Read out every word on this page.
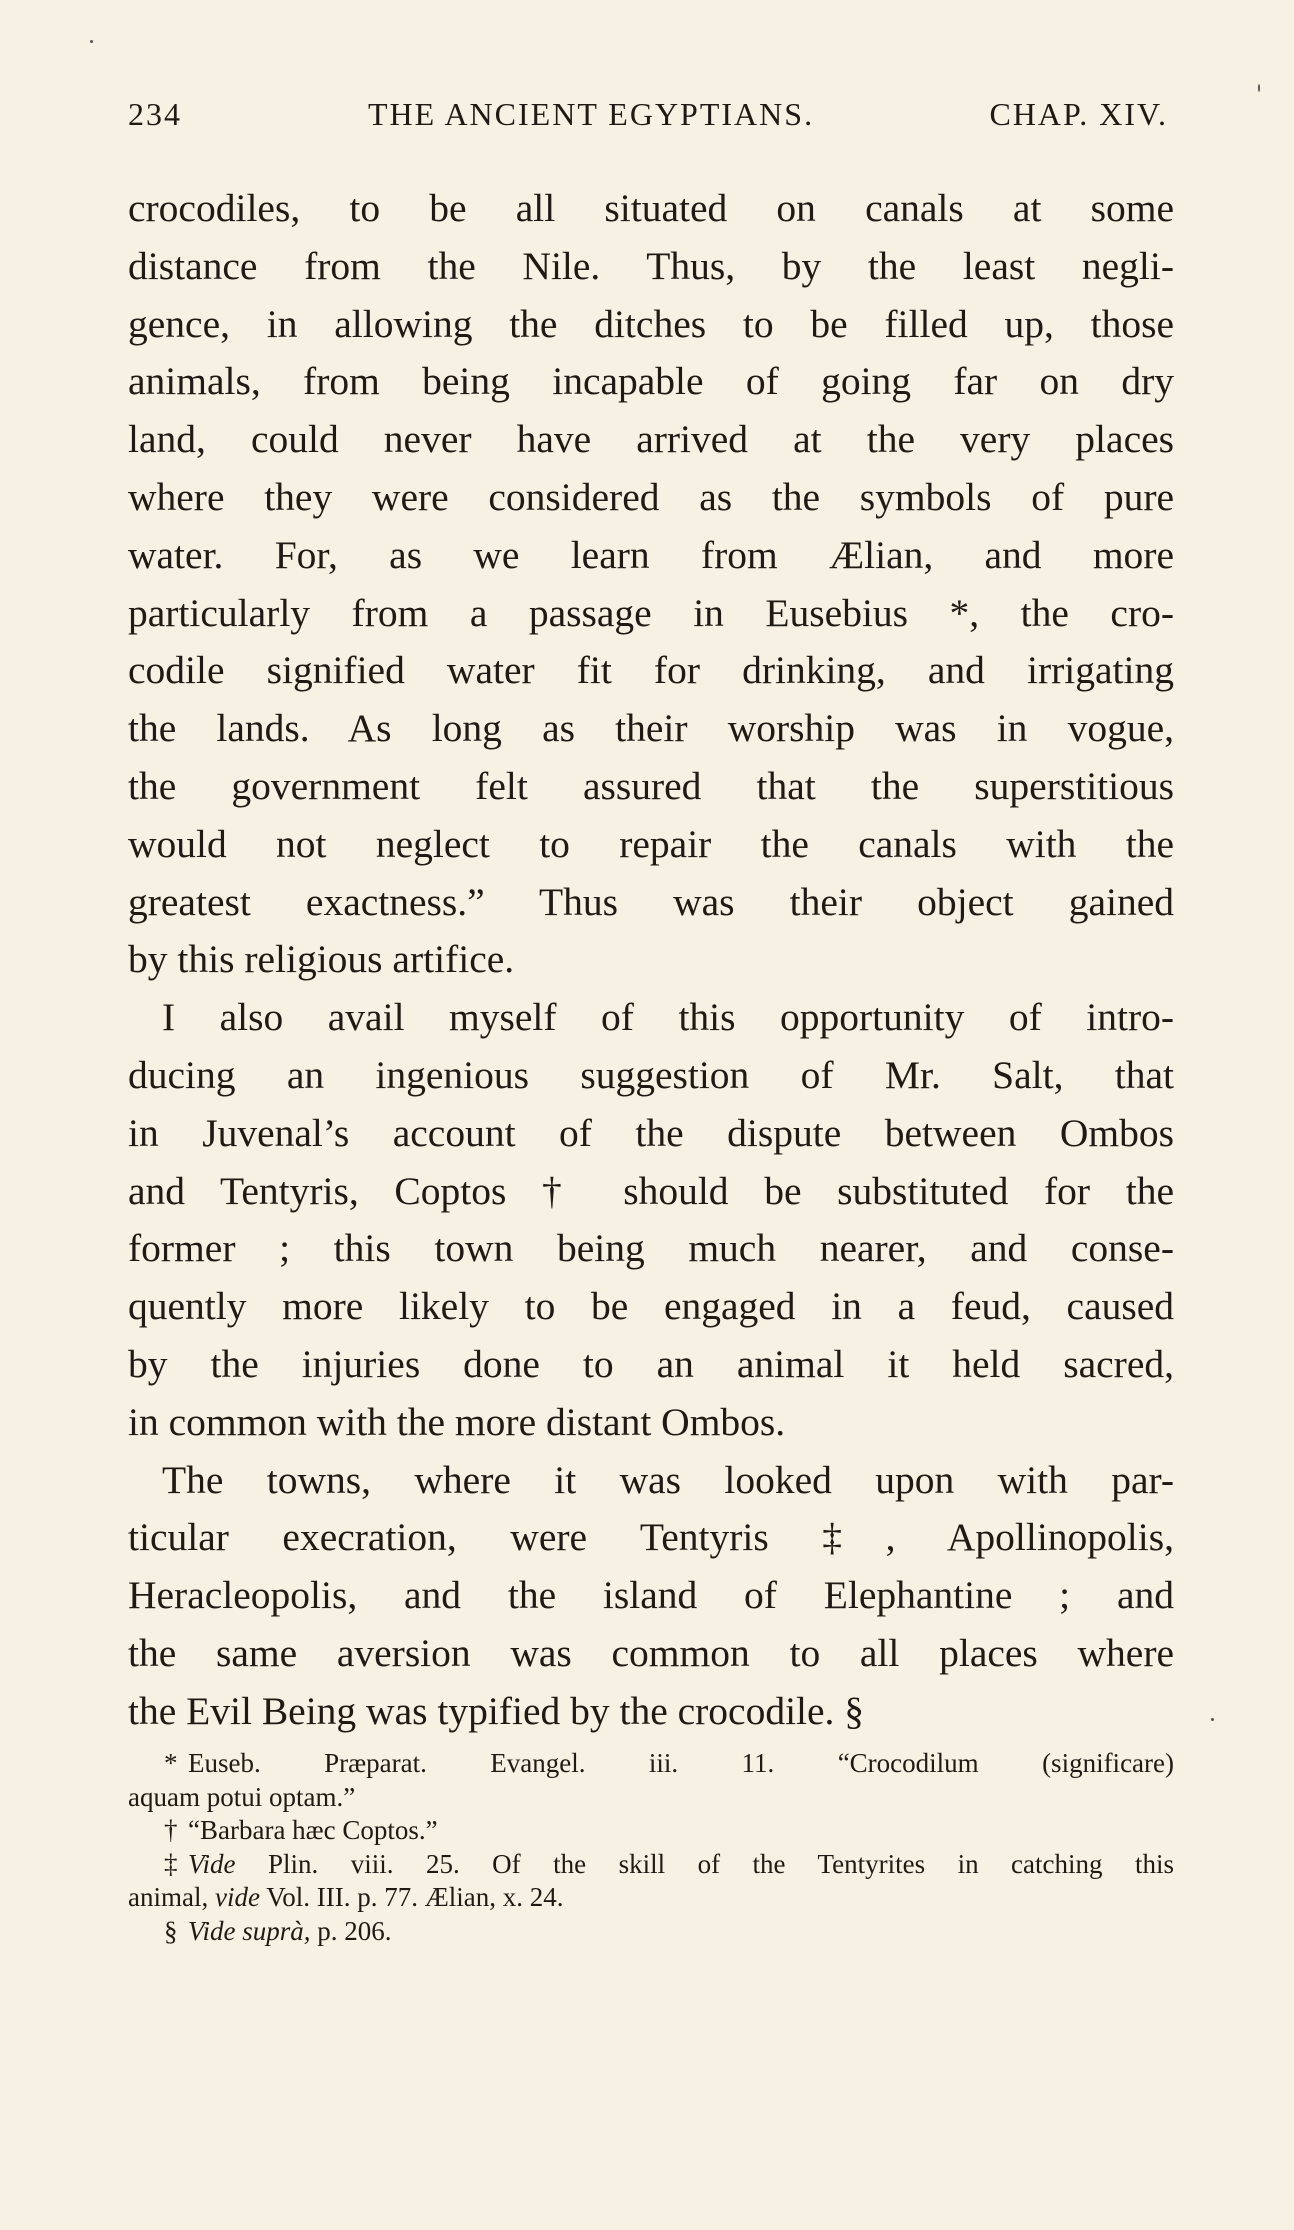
234	THE ANCIENT EGYPTIANS.	CHAP. XIV.
crocodiles, to be all situated on canals at some
distance from the Nile. Thus, by the least negli-
gence, in allowing the ditches to be filled up, those
animals, from being incapable of going far on dry
land, could never have arrived at the very places
where they were considered as the symbols of pure
water. For, as we learn from Ælian, and more
particularly from a passage in Eusebius *, the cro-
codile signified water fit for drinking, and irrigating
the lands. As long as their worship was in vogue,
the government felt assured that the superstitious
would not neglect to repair the canals with the
greatest exactness.” Thus was their object gained
by this religious artifice.
I also avail myself of this opportunity of intro-
ducing an ingenious suggestion of Mr. Salt, that
in Juvenal’s account of the dispute between Ombos
and Tentyris, Coptos † should be substituted for the
former ; this town being much nearer, and conse-
quently more likely to be engaged in a feud, caused
by the injuries done to an animal it held sacred,
in common with the more distant Ombos.
The towns, where it was looked upon with par-
ticular execration, were Tentyris ‡, Apollinopolis,
Heracleopolis, and the island of Elephantine ; and
the same aversion was common to all places where
the Evil Being was typified by the crocodile. §
* Euseb. Præparat. Evangel. iii. 11. “Crocodilum (significare)
aquam potui optam.”
† “Barbara hæc Coptos.”
‡ Vide Plin. viii. 25. Of the skill of the Tentyrites in catching this
animal, vide Vol. III. p. 77. Ælian, x. 24.
§ Vide suprà, p. 206.
